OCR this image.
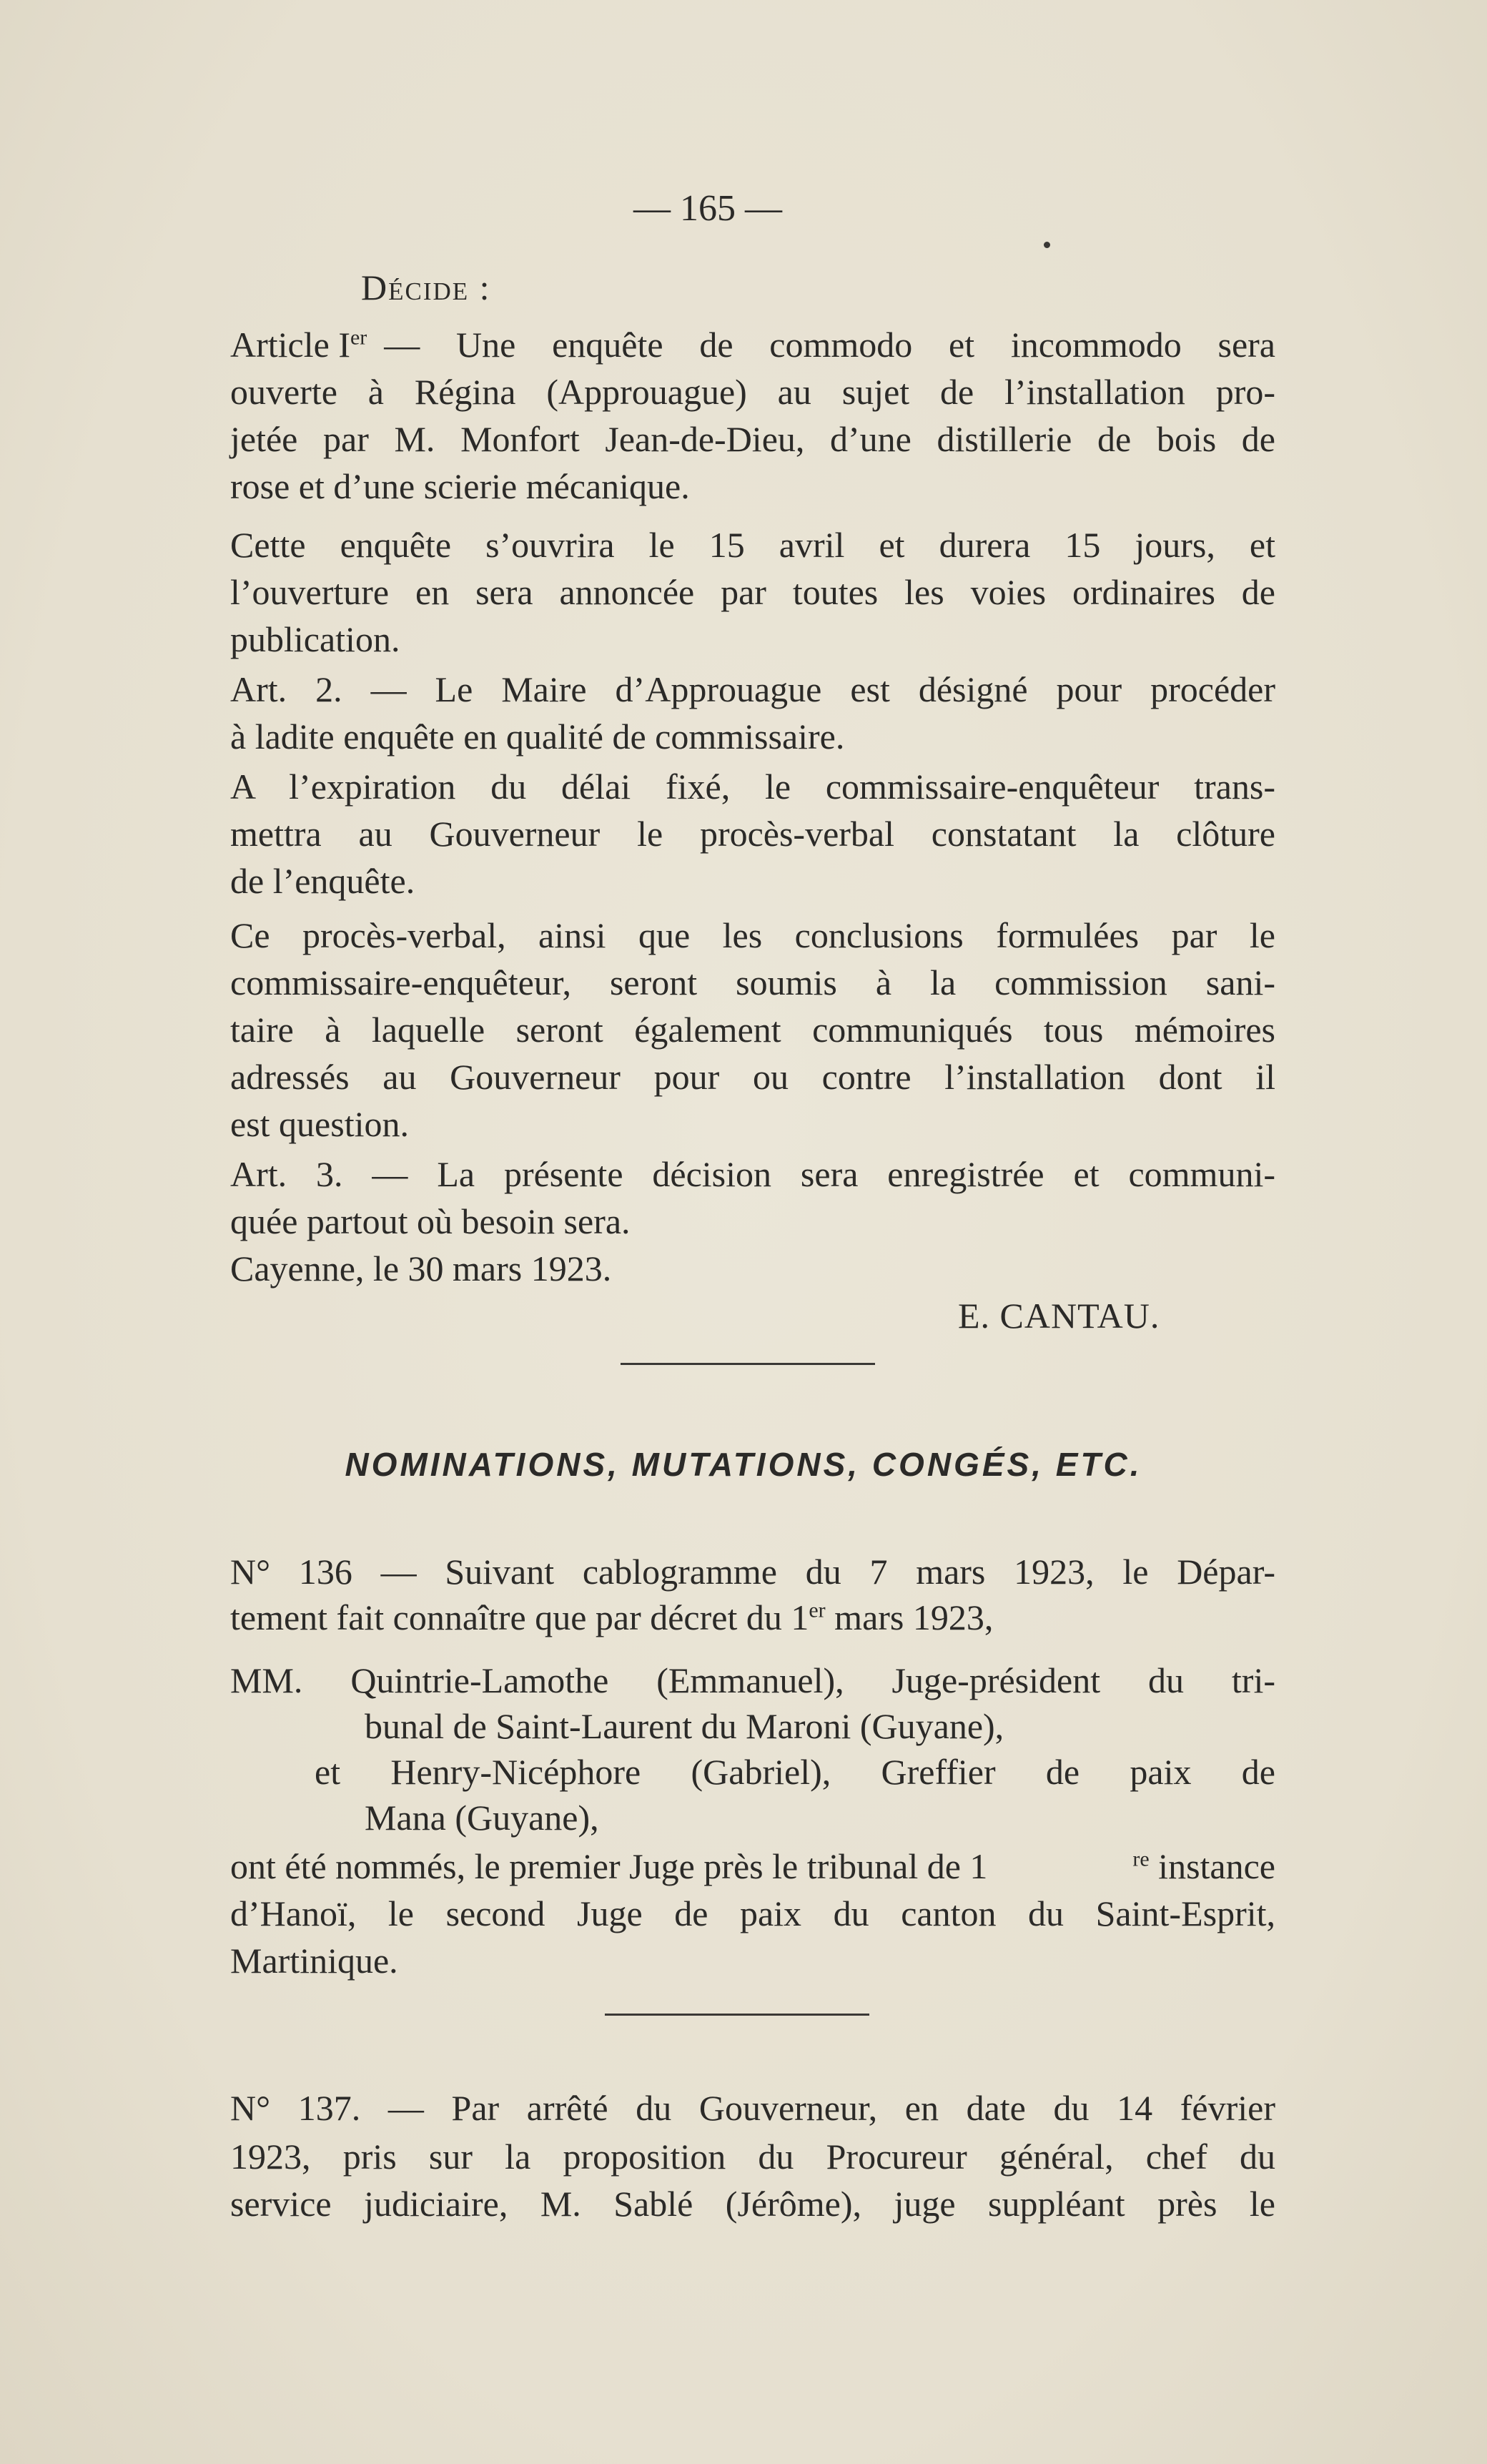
— 165 —
Décide :
Article Ier — Une enquête de commodo et incommodo sera
ouverte à Régina (Approuague) au sujet de l’installation pro-
jetée par M. Monfort Jean-de-Dieu, d’une distillerie de bois de
rose et d’une scierie mécanique.
Cette enquête s’ouvrira le 15 avril et durera 15 jours, et
l’ouverture en sera annoncée par toutes les voies ordinaires de
publication.
Art. 2. — Le Maire d’Approuague est désigné pour procéder
à ladite enquête en qualité de commissaire.
A l’expiration du délai fixé, le commissaire-enquêteur trans-
mettra au Gouverneur le procès-verbal constatant la clôture
de l’enquête.
Ce procès-verbal, ainsi que les conclusions formulées par le
commissaire-enquêteur, seront soumis à la commission sani-
taire à laquelle seront également communiqués tous mémoires
adressés au Gouverneur pour ou contre l’installation dont il
est question.
Art. 3. — La présente décision sera enregistrée et communi-
quée partout où besoin sera.
Cayenne, le 30 mars 1923.
E. CANTAU.
NOMINATIONS, MUTATIONS, CONGÉS, ETC.
N° 136 — Suivant cablogramme du 7 mars 1923, le Dépar-
tement fait connaître que par décret du 1er mars 1923,
MM. Quintrie-Lamothe (Emmanuel), Juge-président du tri-
bunal de Saint-Laurent du Maroni (Guyane),
et Henry-Nicéphore (Gabriel), Greffier de paix de
Mana (Guyane),
ont été nommés, le premier Juge près le tribunal de 1	$^{re}$ instance
d’Hanoï, le second Juge de paix du canton du Saint-Esprit,
Martinique.
N° 137. — Par arrêté du Gouverneur, en date du 14 février
1923, pris sur la proposition du Procureur général, chef du
service judiciaire, M. Sablé (Jérôme), juge suppléant près le
